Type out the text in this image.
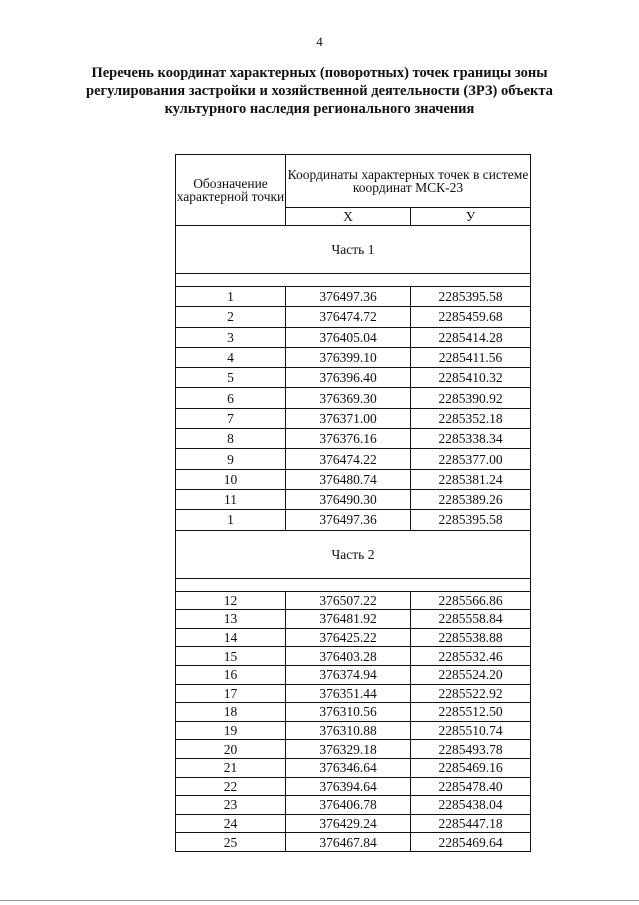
4
Перечень координат характерных (поворотных) точек границы зоны
регулирования застройки и хозяйственной деятельности (ЗРЗ) объекта
культурного наследия регионального значения
Обозначение характерной точки	Координаты характерных точек в системе координат МСК-23	
	Х	У
Часть 1		

1	376497.36	2285395.58
2	376474.72	2285459.68
3	376405.04	2285414.28
4	376399.10	2285411.56
5	376396.40	2285410.32
6	376369.30	2285390.92
7	376371.00	2285352.18
8	376376.16	2285338.34
9	376474.22	2285377.00
10	376480.74	2285381.24
11	376490.30	2285389.26
1	376497.36	2285395.58
Часть 2		

12	376507.22	2285566.86
13	376481.92	2285558.84
14	376425.22	2285538.88
15	376403.28	2285532.46
16	376374.94	2285524.20
17	376351.44	2285522.92
18	376310.56	2285512.50
19	376310.88	2285510.74
20	376329.18	2285493.78
21	376346.64	2285469.16
22	376394.64	2285478.40
23	376406.78	2285438.04
24	376429.24	2285447.18
25	376467.84	2285469.64
